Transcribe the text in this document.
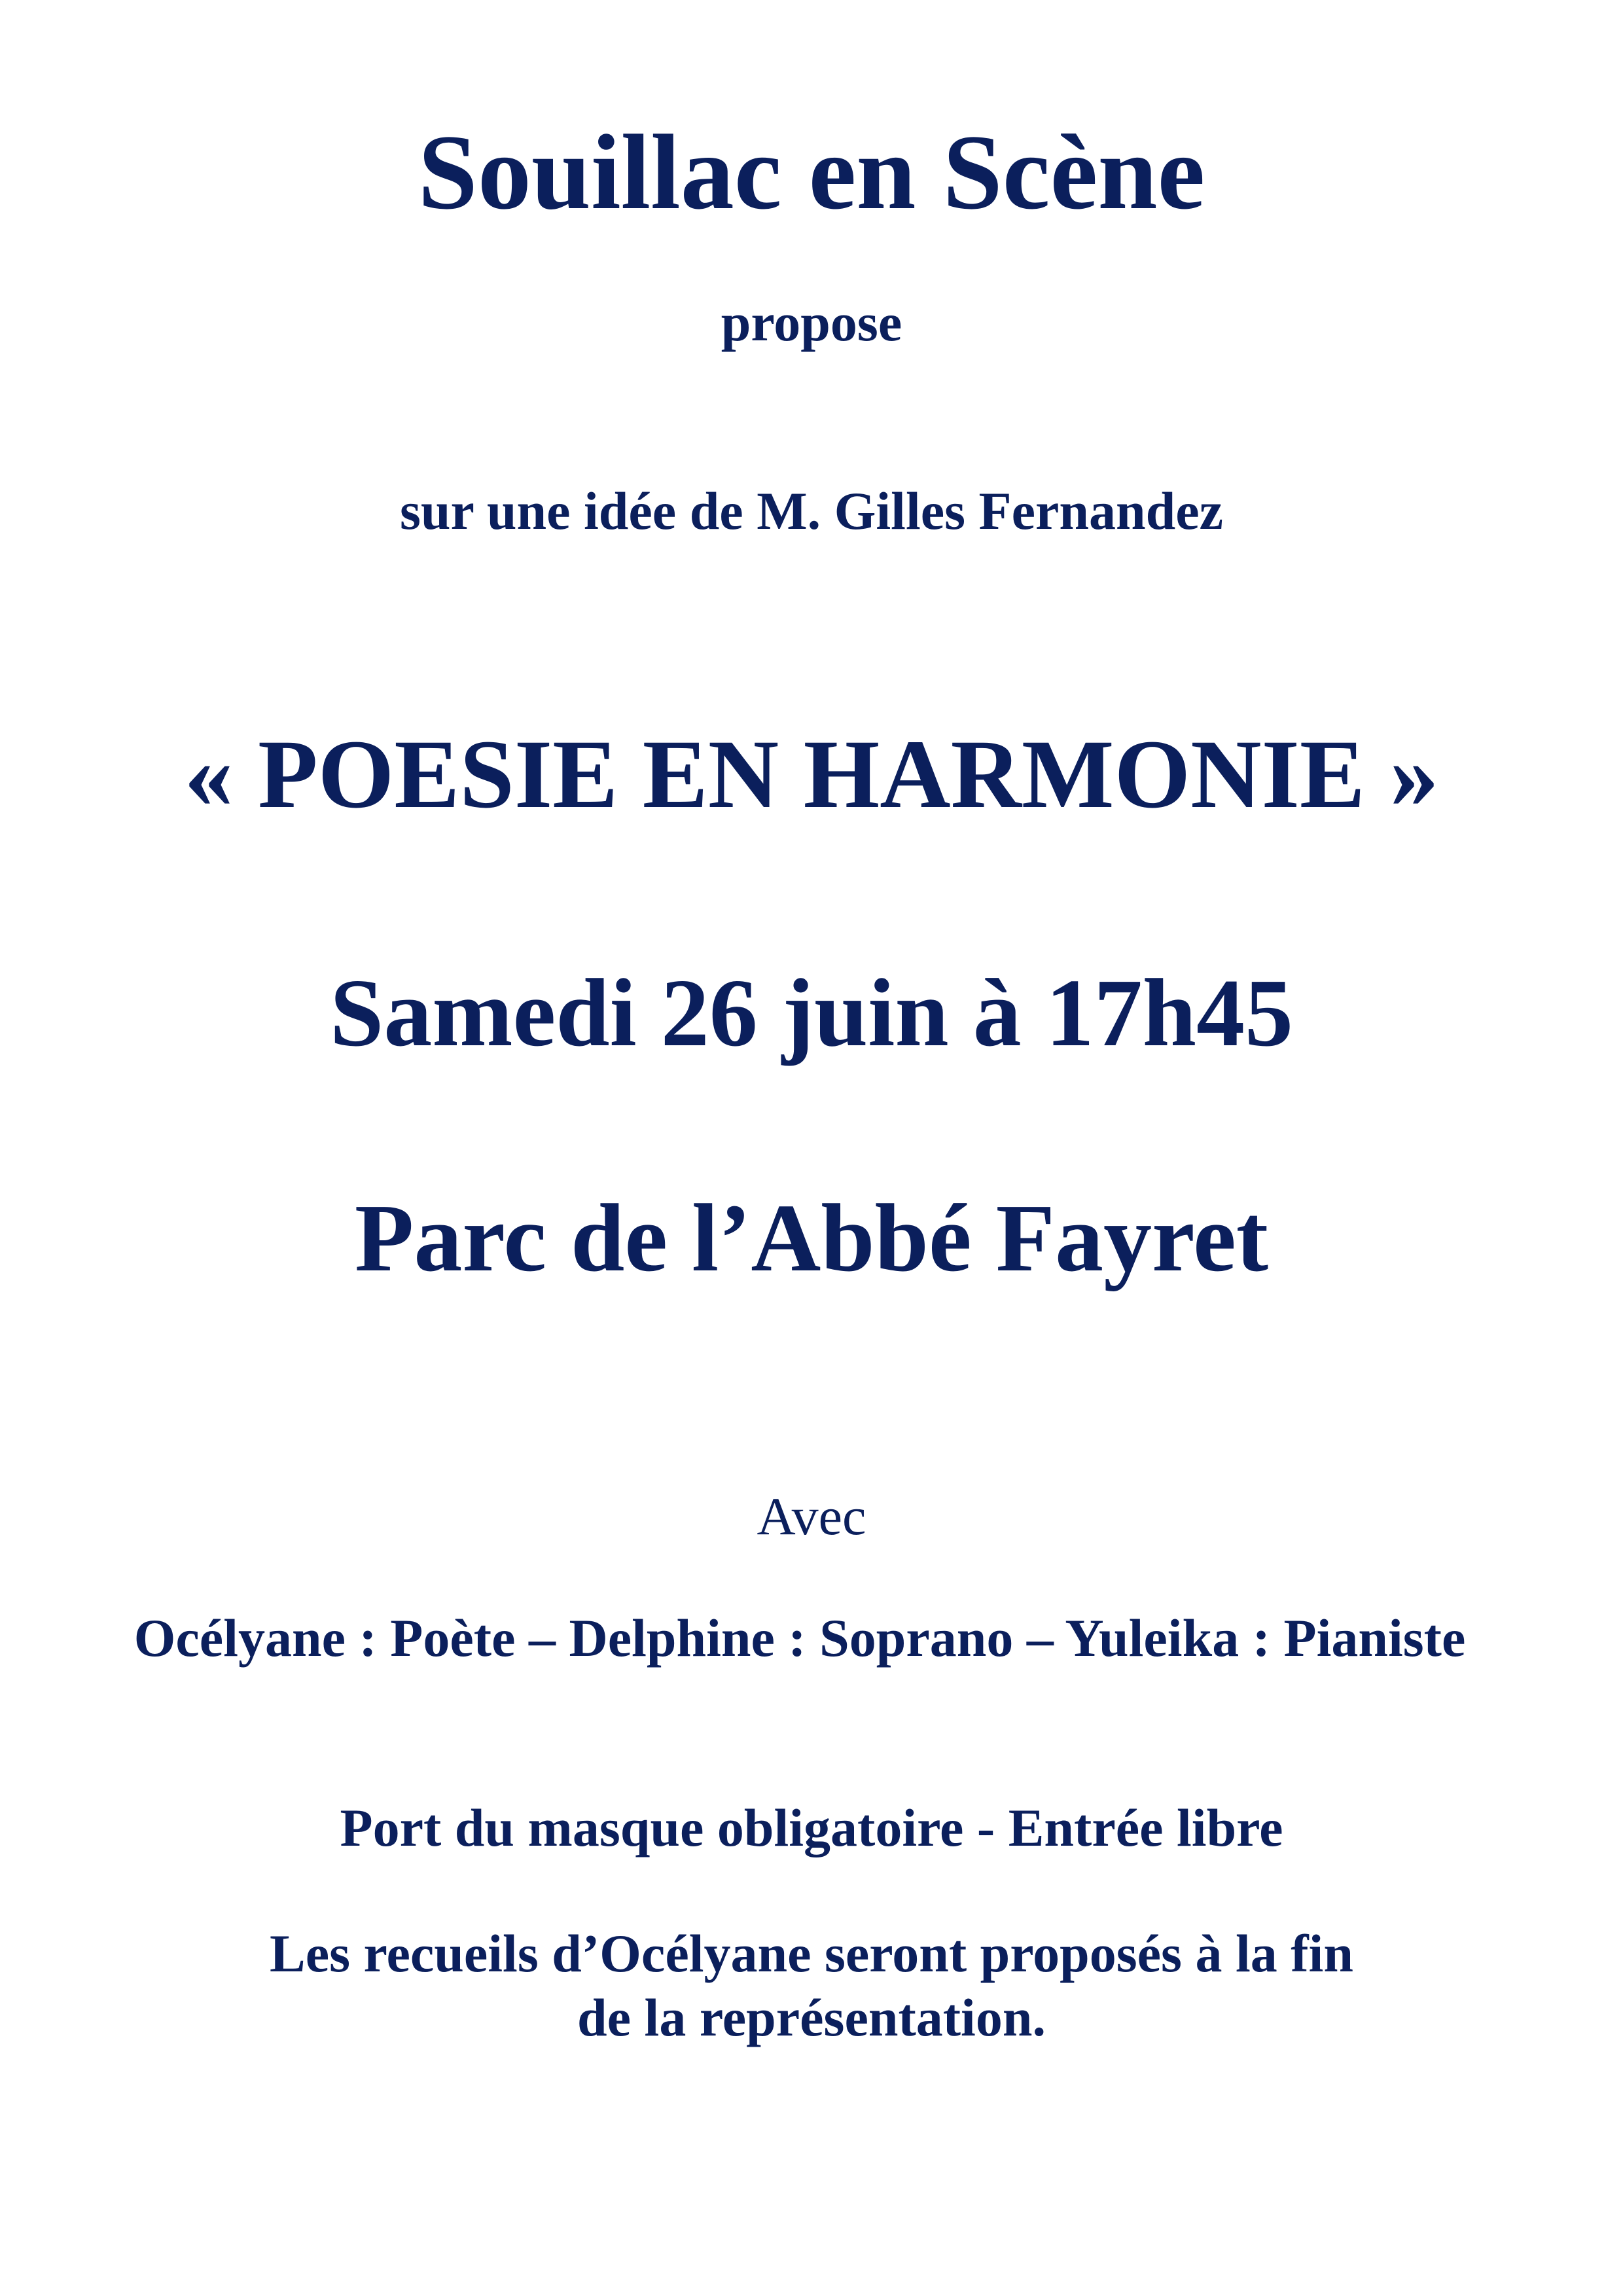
Souillac en Scène
propose
sur une idée de M. Gilles Fernandez
« POESIE EN HARMONIE »
Samedi 26 juin à 17h45
Parc de l’Abbé Fayret
Avec
Océlyane : Poète – Delphine : Soprano – Yuleika : Pianiste
Port du masque obligatoire - Entrée libre
Les recueils d’Océlyane seront proposés à la fin
de la représentation.
